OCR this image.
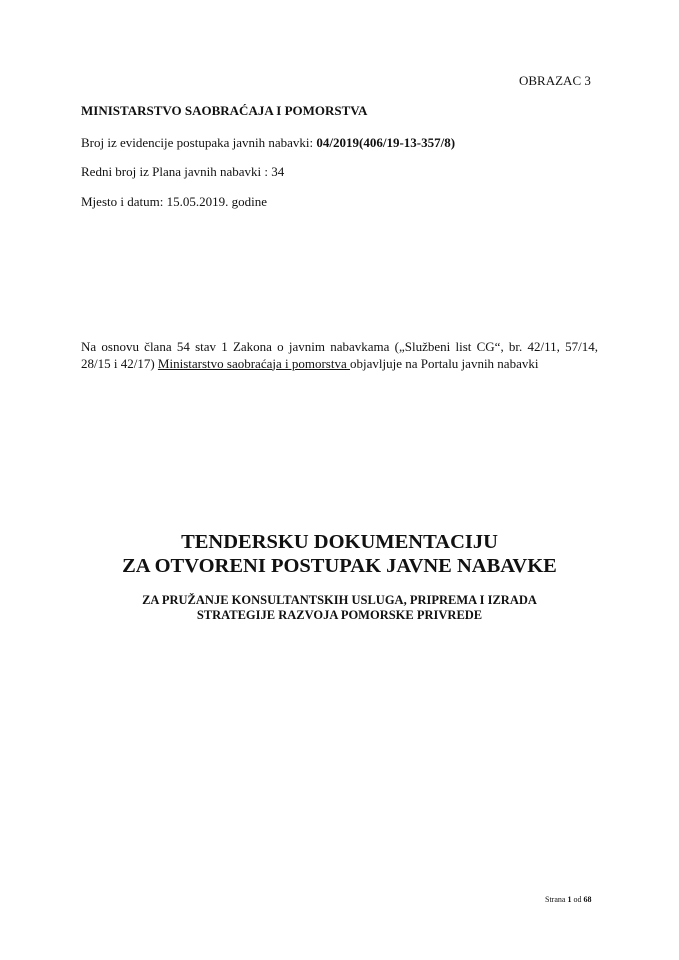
OBRAZAC 3
MINISTARSTVO SAOBRAĆAJA I POMORSTVA
Broj iz evidencije postupaka javnih nabavki: 04/2019(406/19-13-357/8)
Redni broj iz Plana javnih nabavki : 34
Mjesto i datum: 15.05.2019. godine
Na osnovu člana 54 stav 1 Zakona o javnim nabavkama („Službeni list CG“, br. 42/11, 57/14, 28/15 i 42/17) Ministarstvo saobraćaja i pomorstva objavljuje na Portalu javnih nabavki
TENDERSKU DOKUMENTACIJU
ZA OTVORENI POSTUPAK JAVNE NABAVKE
ZA PRUŽANJE KONSULTANTSKIH USLUGA, PRIPREMA I IZRADA
STRATEGIJE RAZVOJA POMORSKE PRIVREDE
Strana 1 od 68
